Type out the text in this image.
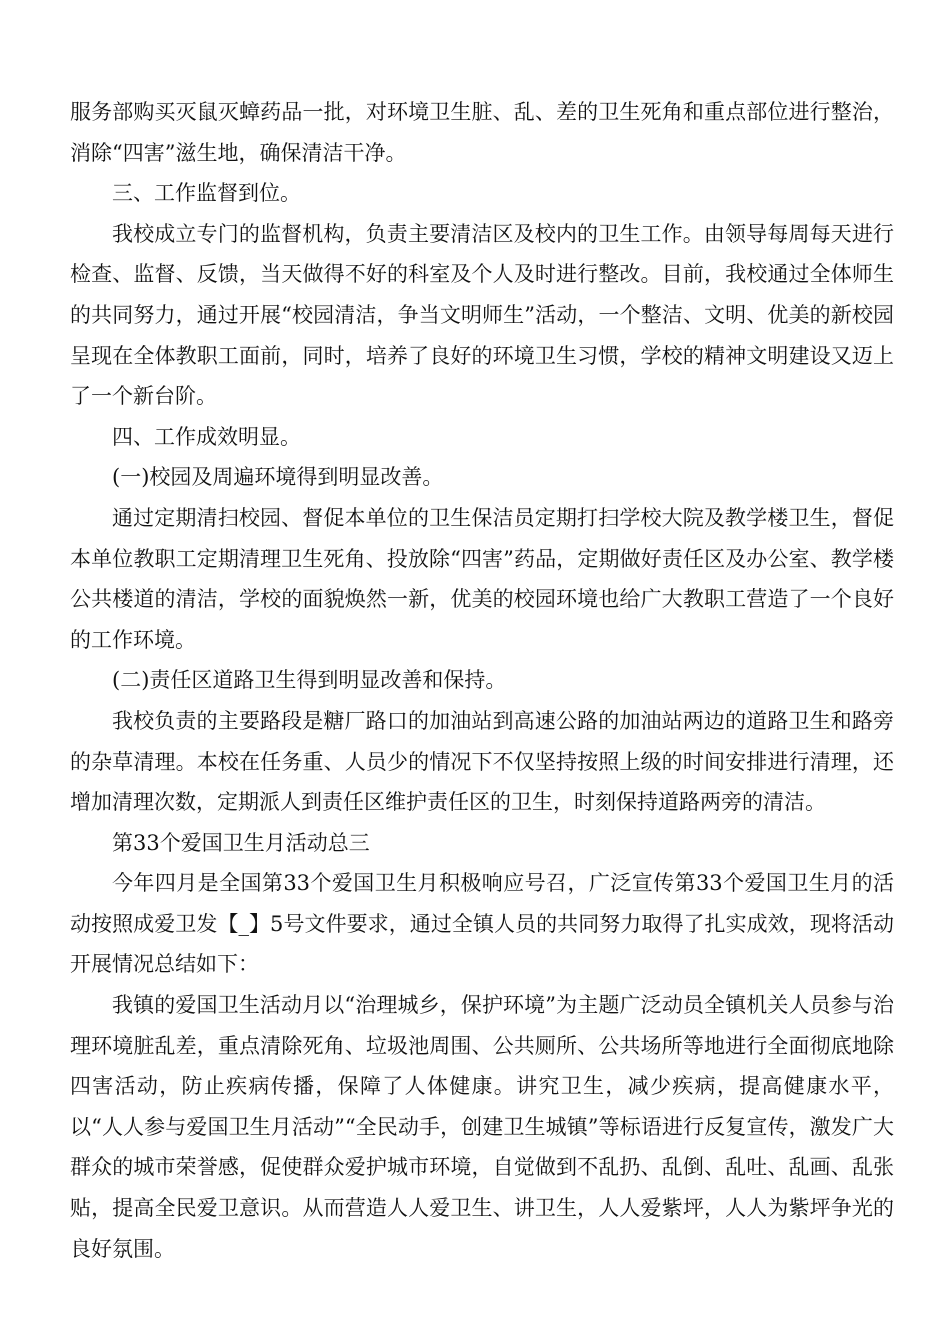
服务部购买灭鼠灭蟑药品一批，对环境卫生脏、乱、差的卫生死角和重点部位进行整治，消除“四害”滋生地，确保清洁干净。

三、工作监督到位。

我校成立专门的监督机构，负责主要清洁区及校内的卫生工作。由领导每周每天进行检查、监督、反馈，当天做得不好的科室及个人及时进行整改。目前，我校通过全体师生的共同努力，通过开展“校园清洁，争当文明师生”活动，一个整洁、文明、优美的新校园呈现在全体教职工面前，同时，培养了良好的环境卫生习惯，学校的精神文明建设又迈上了一个新台阶。

四、工作成效明显。

(一)校园及周遍环境得到明显改善。

通过定期清扫校园、督促本单位的卫生保洁员定期打扫学校大院及教学楼卫生，督促本单位教职工定期清理卫生死角、投放除“四害”药品，定期做好责任区及办公室、教学楼公共楼道的清洁，学校的面貌焕然一新，优美的校园环境也给广大教职工营造了一个良好的工作环境。

(二)责任区道路卫生得到明显改善和保持。

我校负责的主要路段是糖厂路口的加油站到高速公路的加油站两边的道路卫生和路旁的杂草清理。本校在任务重、人员少的情况下不仅坚持按照上级的时间安排进行清理，还增加清理次数，定期派人到责任区维护责任区的卫生，时刻保持道路两旁的清洁。

第33个爱国卫生月活动总三

今年四月是全国第33个爱国卫生月积极响应号召，广泛宣传第33个爱国卫生月的活动按照成爱卫发【_】5号文件要求，通过全镇人员的共同努力取得了扎实成效，现将活动开展情况总结如下：

我镇的爱国卫生活动月以“治理城乡，保护环境”为主题广泛动员全镇机关人员参与治理环境脏乱差，重点清除死角、垃圾池周围、公共厕所、公共场所等地进行全面彻底地除四害活动，防止疾病传播，保障了人体健康。讲究卫生，减少疾病，提高健康水平，以“人人参与爱国卫生月活动”“全民动手，创建卫生城镇”等标语进行反复宣传，激发广大群众的城市荣誉感，促使群众爱护城市环境，自觉做到不乱扔、乱倒、乱吐、乱画、乱张贴，提高全民爱卫意识。从而营造人人爱卫生、讲卫生，人人爱紫坪，人人为紫坪争光的良好氛围。
